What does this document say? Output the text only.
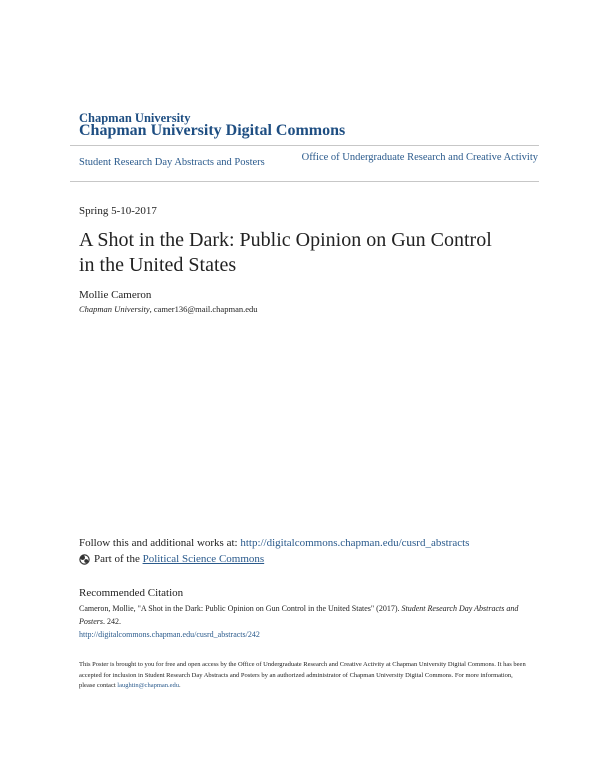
Chapman University
Chapman University Digital Commons
Student Research Day Abstracts and Posters	Office of Undergraduate Research and Creative Activity
Spring 5-10-2017
A Shot in the Dark: Public Opinion on Gun Control in the United States
Mollie Cameron
Chapman University, camer136@mail.chapman.edu
Follow this and additional works at: http://digitalcommons.chapman.edu/cusrd_abstracts
Part of the
Political Science Commons
Recommended Citation
Cameron, Mollie, "A Shot in the Dark: Public Opinion on Gun Control in the United States" (2017). Student Research Day Abstracts and Posters. 242.
http://digitalcommons.chapman.edu/cusrd_abstracts/242
This Poster is brought to you for free and open access by the Office of Undergraduate Research and Creative Activity at Chapman University Digital Commons. It has been accepted for inclusion in Student Research Day Abstracts and Posters by an authorized administrator of Chapman University Digital Commons. For more information, please contact laughtin@chapman.edu.
